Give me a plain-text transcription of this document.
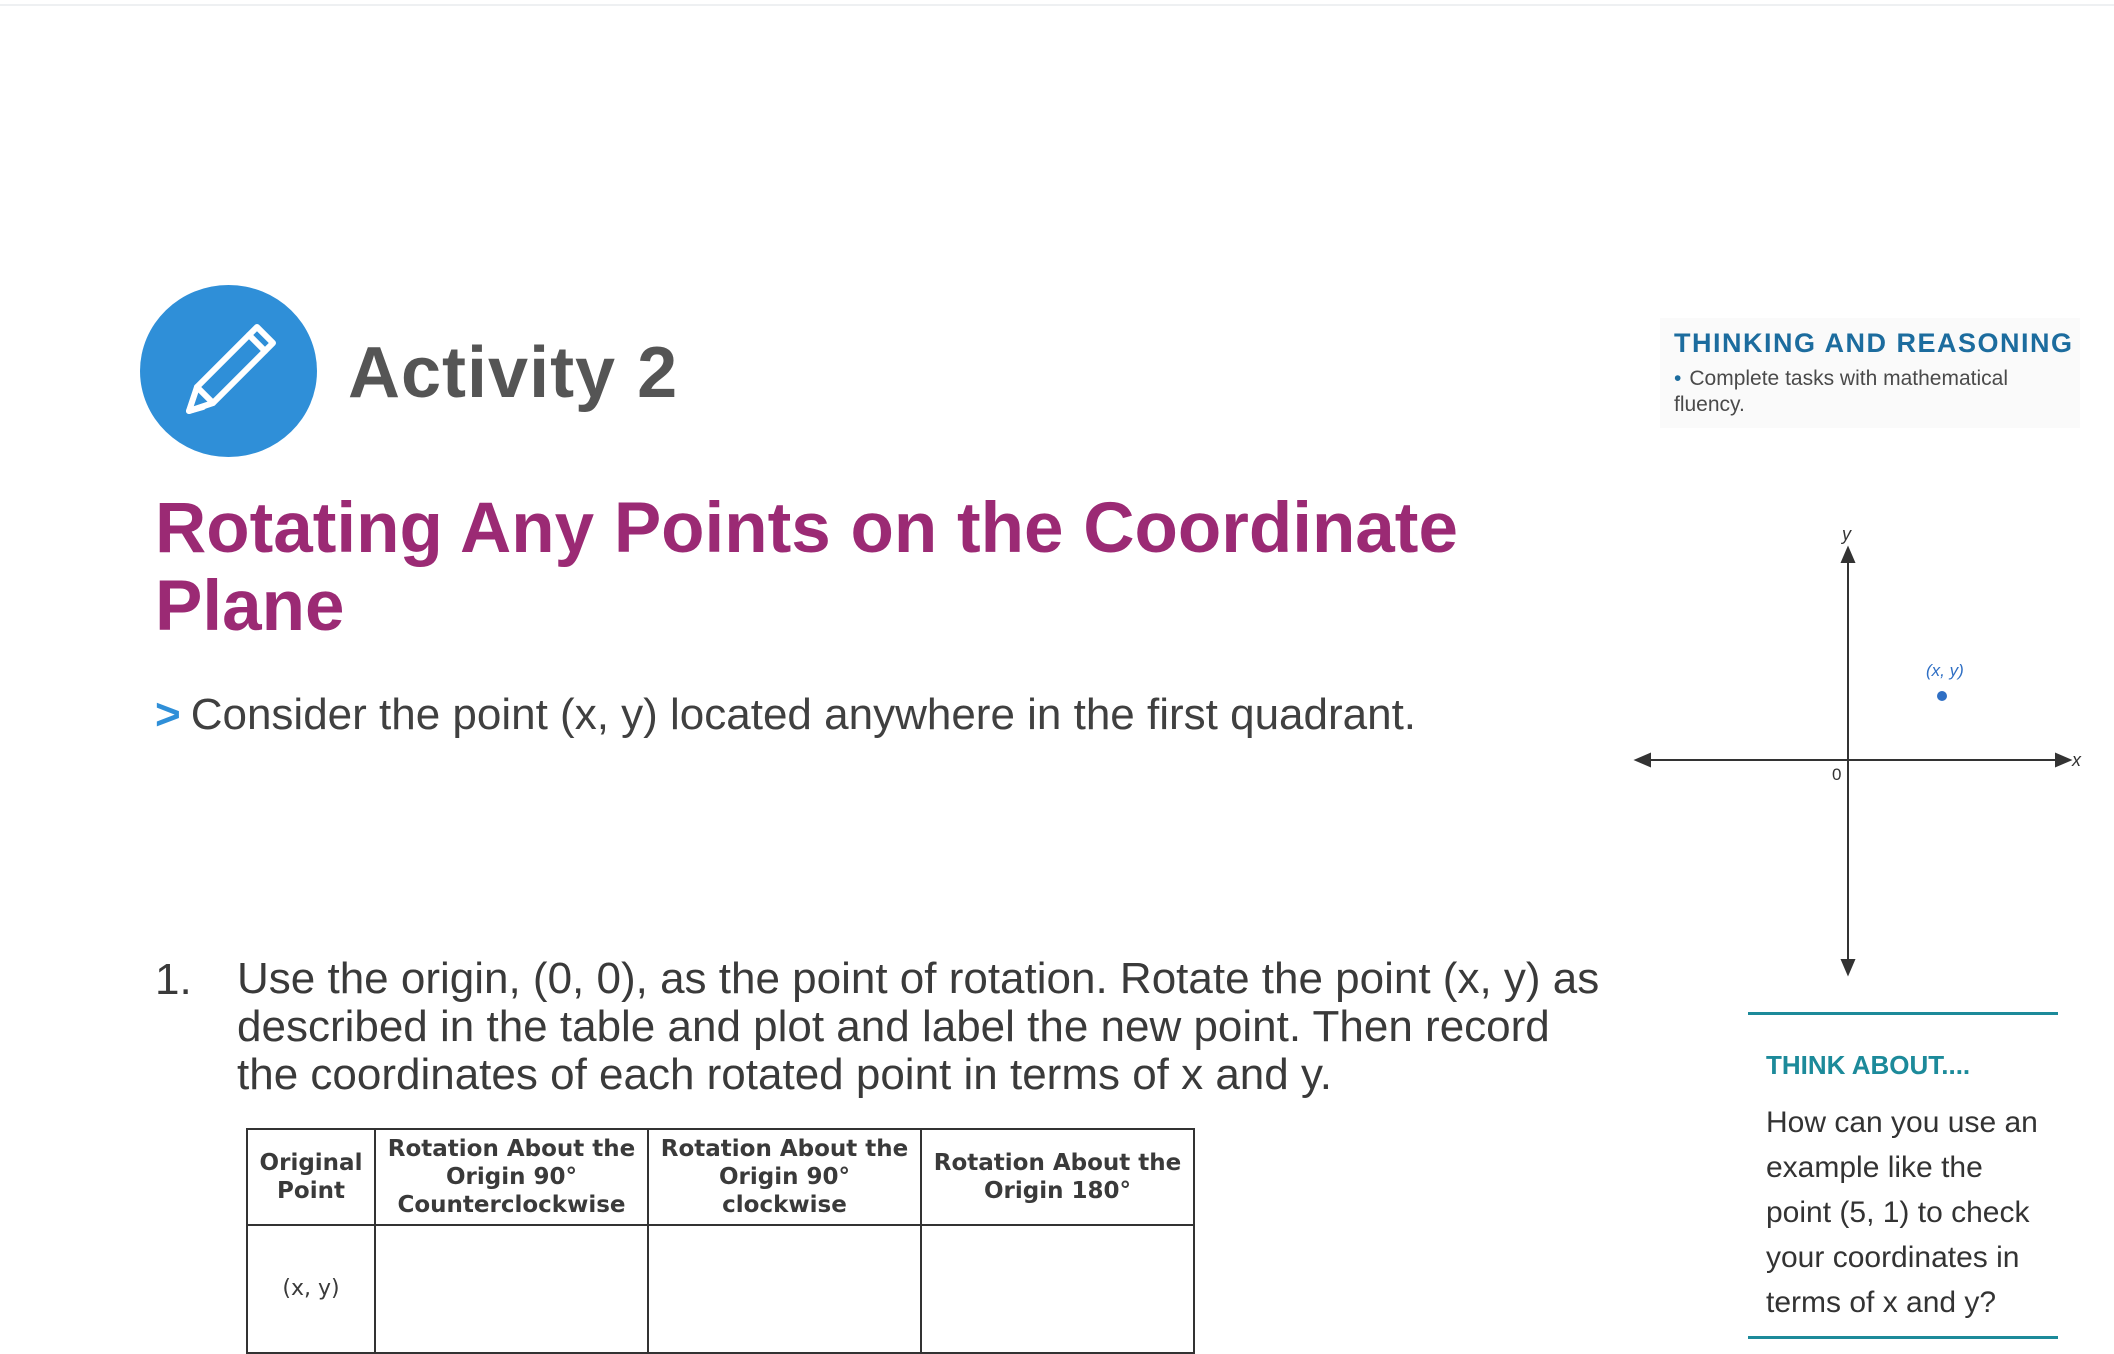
Activity 2
Rotating Any Points on the Coordinate Plane
> Consider the point (x, y) located anywhere in the first quadrant.
1. Use the origin, (0, 0), as the point of rotation. Rotate the point (x, y) as described in the table and plot and label the new point. Then record the coordinates of each rotated point in terms of x and y.
Original Point	Rotation About the Origin 90° Counterclockwise	Rotation About the Origin 90° clockwise	Rotation About the Origin 180°
(x, y)			
THINKING AND REASONING
• Complete tasks with mathematical fluency.
(x, y)
y
x
0
THINK ABOUT....
How can you use an example like the point (5, 1) to check your coordinates in terms of x and y?
